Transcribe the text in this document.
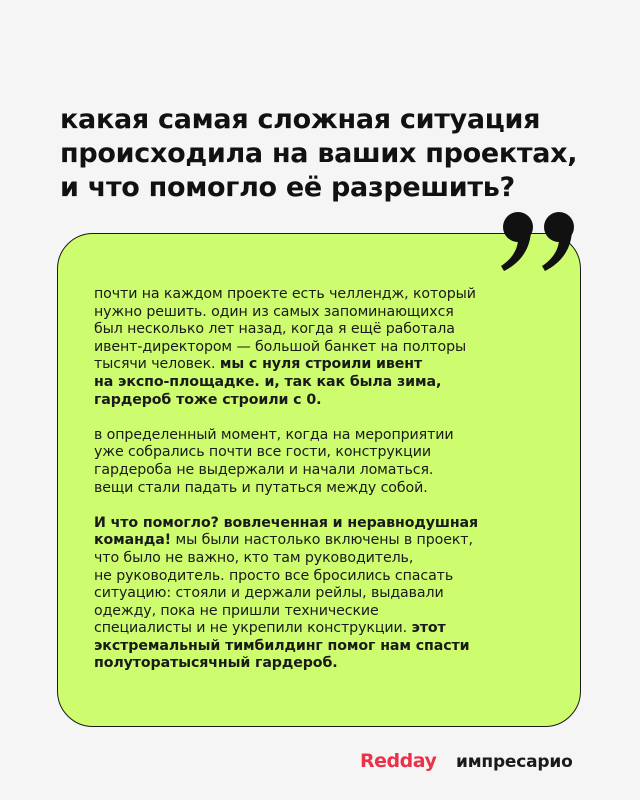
какая самая сложная ситуация
происходила на ваших проектах,
и что помогло её разрешить?

почти на каждом проекте есть челлендж, который
нужно решить. один из самых запоминающихся
был несколько лет назад, когда я ещё работала
ивент-директором — большой банкет на полторы
тысячи человек. мы с нуля строили ивент
на экспо-площадке. и, так как была зима,
гардероб тоже строили с 0.

в определенный момент, когда на мероприятии
уже собрались почти все гости, конструкции
гардероба не выдержали и начали ломаться.
вещи стали падать и путаться между собой.

И что помогло? вовлеченная и неравнодушная
команда! мы были настолько включены в проект,
что было не важно, кто там руководитель,
не руководитель. просто все бросились спасать
ситуацию: стояли и держали рейлы, выдавали
одежду, пока не пришли технические
специалисты и не укрепили конструкции. этот
экстремальный тимбилдинг помог нам спасти
полуторатысячный гардероб.

Redday импресарио
